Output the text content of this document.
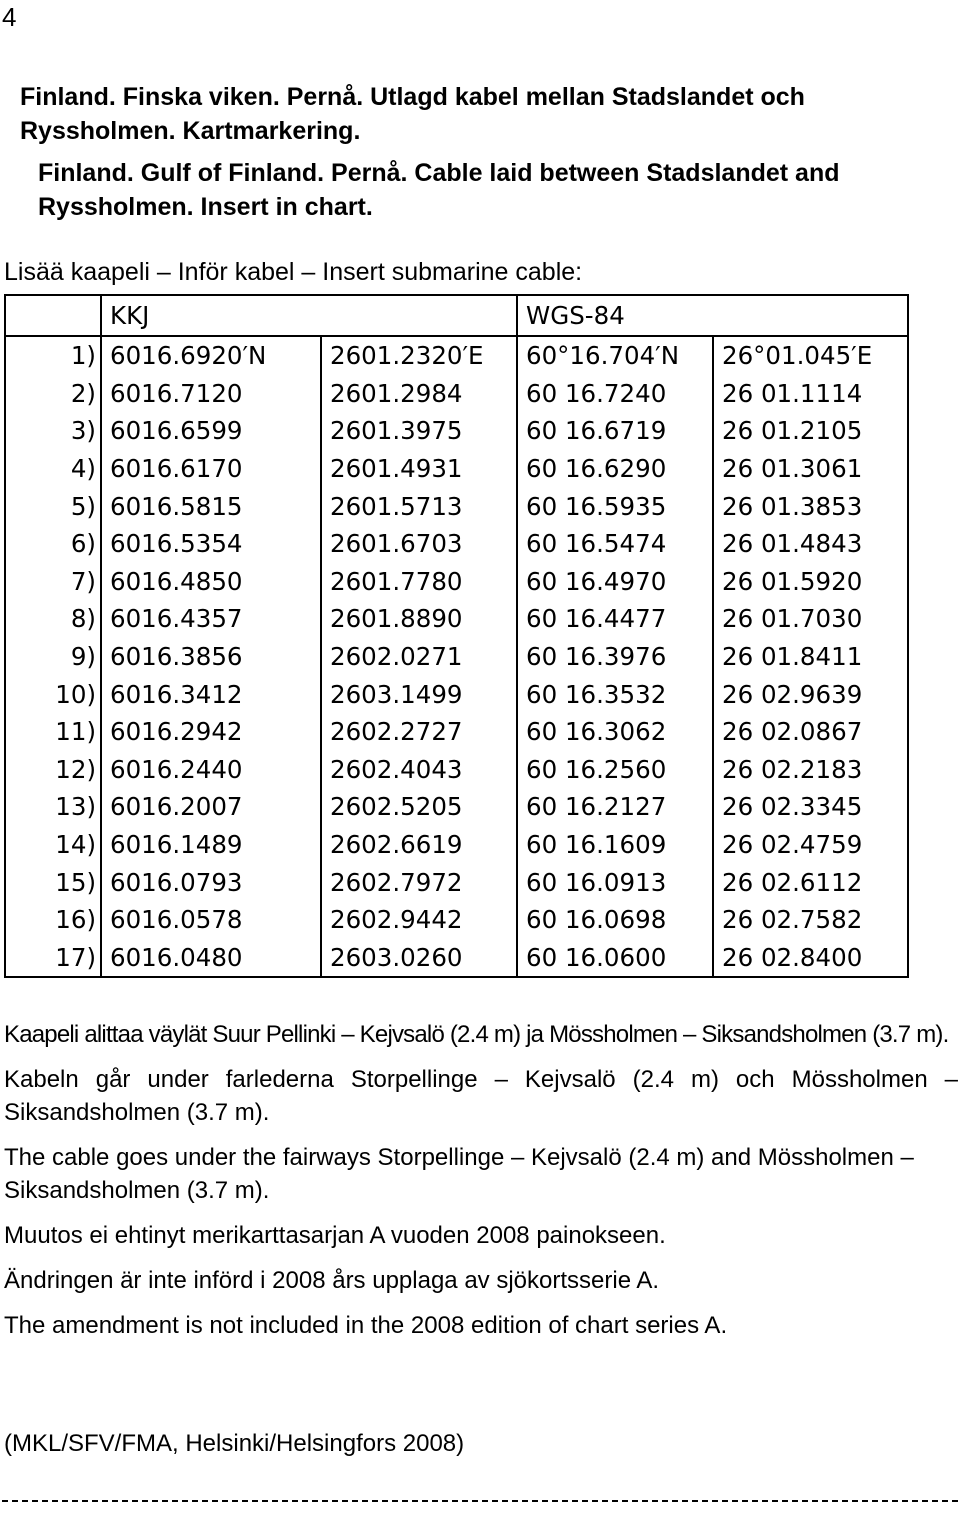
4
Finland. Finska viken. Pernå. Utlagd kabel mellan Stadslandet och Ryssholmen. Kartmarkering.
Finland. Gulf of Finland. Pernå. Cable laid between Stadslandet and Ryssholmen. Insert in chart.
Lisää kaapeli – Inför kabel – Insert submarine cable:
	KKJ		WGS-84	
1)	6016.6920′N	2601.2320′E	60°16.704′N	26°01.045′E
2)	6016.7120	2601.2984	60 16.7240	26 01.1114
3)	6016.6599	2601.3975	60 16.6719	26 01.2105
4)	6016.6170	2601.4931	60 16.6290	26 01.3061
5)	6016.5815	2601.5713	60 16.5935	26 01.3853
6)	6016.5354	2601.6703	60 16.5474	26 01.4843
7)	6016.4850	2601.7780	60 16.4970	26 01.5920
8)	6016.4357	2601.8890	60 16.4477	26 01.7030
9)	6016.3856	2602.0271	60 16.3976	26 01.8411
10)	6016.3412	2603.1499	60 16.3532	26 02.9639
11)	6016.2942	2602.2727	60 16.3062	26 02.0867
12)	6016.2440	2602.4043	60 16.2560	26 02.2183
13)	6016.2007	2602.5205	60 16.2127	26 02.3345
14)	6016.1489	2602.6619	60 16.1609	26 02.4759
15)	6016.0793	2602.7972	60 16.0913	26 02.6112
16)	6016.0578	2602.9442	60 16.0698	26 02.7582
17)	6016.0480	2603.0260	60 16.0600	26 02.8400

Kaapeli alittaa väylät Suur Pellinki – Kejvsalö (2.4 m) ja Mössholmen – Siksandsholmen (3.7 m).

Kabeln går under farlederna Storpellinge – Kejvsalö (2.4 m) och Mössholmen – Siksandsholmen (3.7 m).

The cable goes under the fairways Storpellinge – Kejvsalö (2.4 m) and Mössholmen – Siksandsholmen (3.7 m).

Muutos ei ehtinyt merikarttasarjan A vuoden 2008 painokseen.

Ändringen är inte införd i 2008 års upplaga av sjökortsserie A.

The amendment is not included in the 2008 edition of chart series A.

(MKL/SFV/FMA, Helsinki/Helsingfors 2008)
